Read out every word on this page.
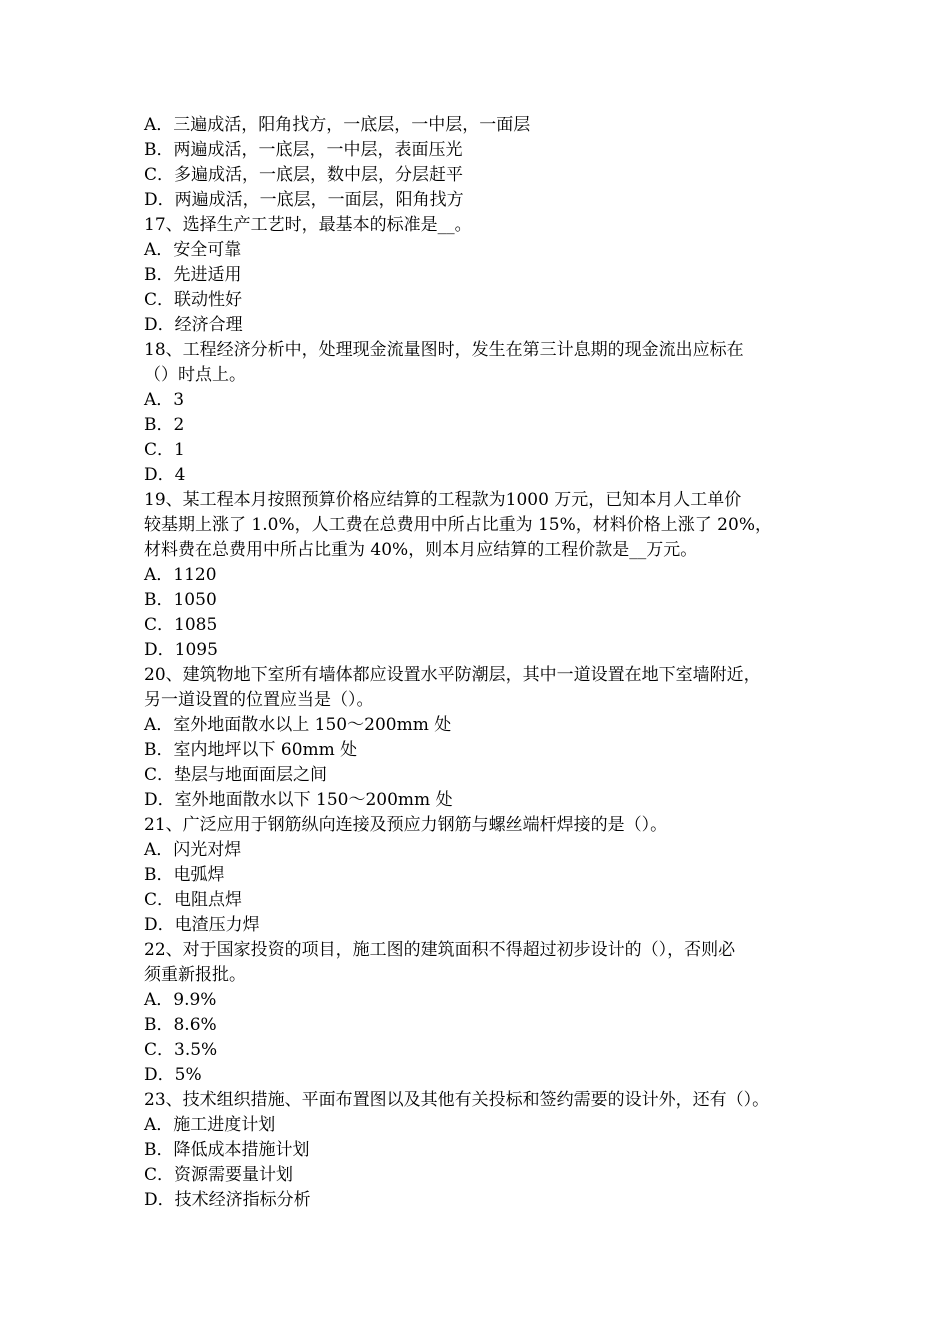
A．三遍成活，阳角找方，一底层，一中层，一面层
B．两遍成活，一底层，一中层，表面压光
C．多遍成活，一底层，数中层，分层赶平
D．两遍成活，一底层，一面层，阳角找方
17、选择生产工艺时，最基本的标准是__。
A．安全可靠
B．先进适用
C．联动性好
D．经济合理
18、工程经济分析中，处理现金流量图时，发生在第三计息期的现金流出应标在
（）时点上。
A．3
B．2
C．1
D．4
19、某工程本月按照预算价格应结算的工程款为1000 万元，已知本月人工单价
较基期上涨了 1.0%，人工费在总费用中所占比重为 15%，材料价格上涨了 20%，
材料费在总费用中所占比重为 40%，则本月应结算的工程价款是__万元。
A．1120
B．1050
C．1085
D．1095
20、建筑物地下室所有墙体都应设置水平防潮层，其中一道设置在地下室墙附近，
另一道设置的位置应当是（）。
A．室外地面散水以上 150～200mm 处
B．室内地坪以下 60mm 处
C．垫层与地面面层之间
D．室外地面散水以下 150～200mm 处
21、广泛应用于钢筋纵向连接及预应力钢筋与螺丝端杆焊接的是（）。
A．闪光对焊
B．电弧焊
C．电阻点焊
D．电渣压力焊
22、对于国家投资的项目，施工图的建筑面积不得超过初步设计的（），否则必
须重新报批。
A．9.9%
B．8.6%
C．3.5%
D．5%
23、技术组织措施、平面布置图以及其他有关投标和签约需要的设计外，还有（）。
A．施工进度计划
B．降低成本措施计划
C．资源需要量计划
D．技术经济指标分析
